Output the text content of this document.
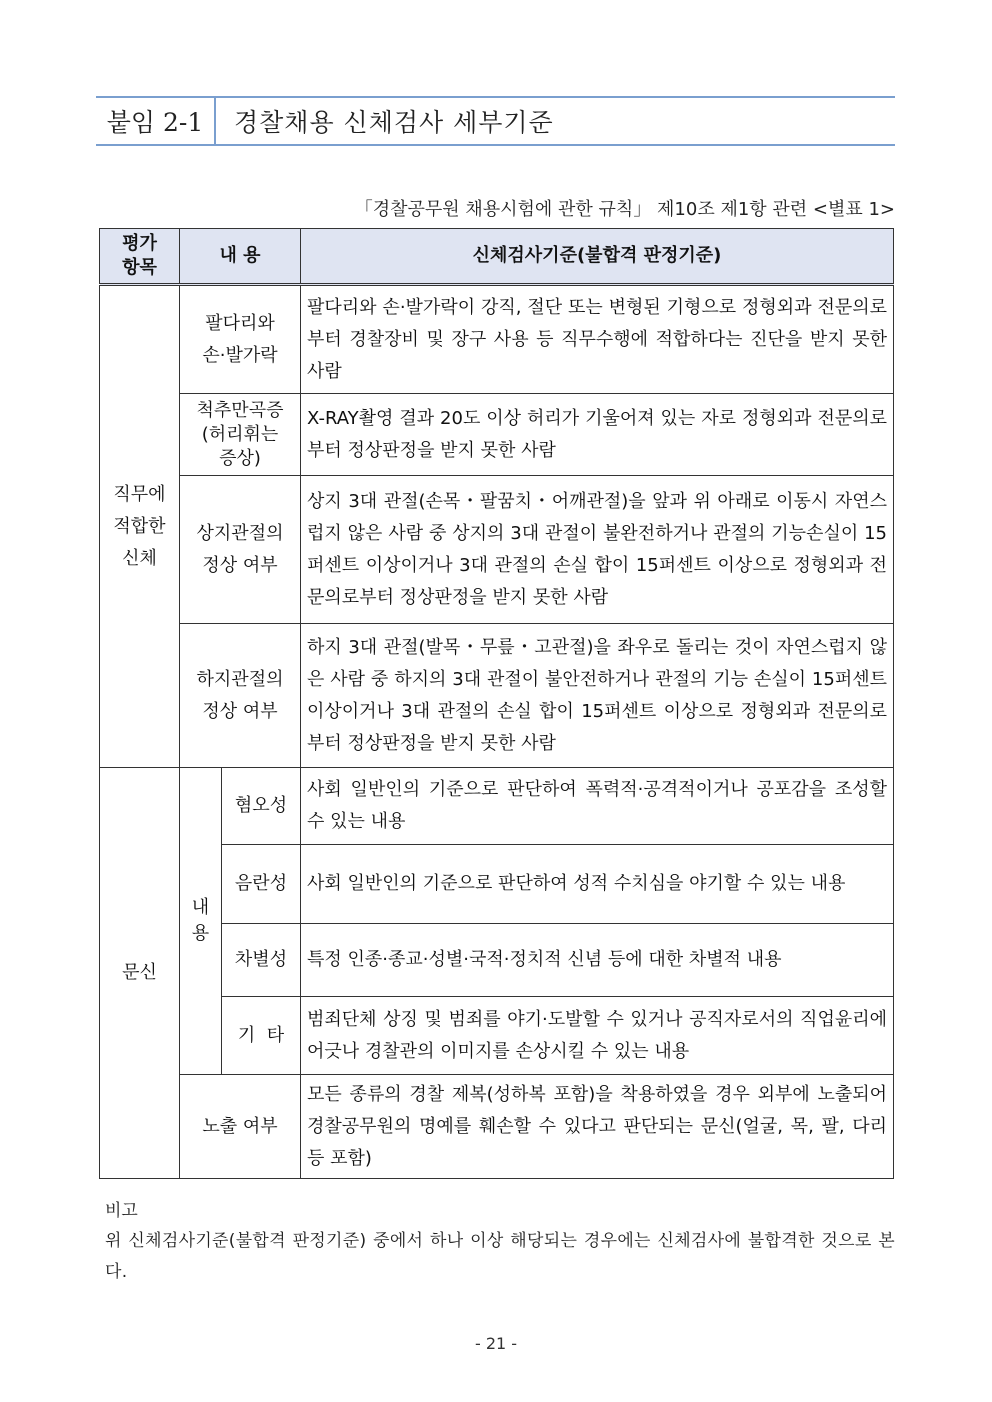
붙임 2-1	경찰채용 신체검사 세부기준
「경찰공무원 채용시험에 관한 규칙」 제10조 제1항 관련 <별표 1>
평가
항목	내 용		신체검사기준(불합격 판정기준)
직무에
적합한
신체	팔다리와
손·발가락		팔다리와 손·발가락이 강직, 절단 또는 변형된 기형으로 정형외과 전문의로부터 경찰장비 및 장구 사용 등 직무수행에 적합하다는 진단을 받지 못한 사람
	척추만곡증
(허리휘는
증상)		X-RAY촬영 결과 20도 이상 허리가 기울어져 있는 자로 정형외과 전문의로부터 정상판정을 받지 못한 사람
	상지관절의
정상 여부		상지 3대 관절(손목・팔꿈치・어깨관절)을 앞과 위 아래로 이동시 자연스럽지 않은 사람 중 상지의 3대 관절이 불완전하거나 관절의 기능손실이 15퍼센트 이상이거나 3대 관절의 손실 합이 15퍼센트 이상으로 정형외과 전문의로부터 정상판정을 받지 못한 사람
	하지관절의
정상 여부		하지 3대 관절(발목・무릎・고관절)을 좌우로 돌리는 것이 자연스럽지 않은 사람 중 하지의 3대 관절이 불안전하거나 관절의 기능 손실이 15퍼센트 이상이거나 3대 관절의 손실 합이 15퍼센트 이상으로 정형외과 전문의로부터 정상판정을 받지 못한 사람
문신	내
용	혐오성	사회 일반인의 기준으로 판단하여 폭력적·공격적이거나 공포감을 조성할 수 있는 내용
		음란성	사회 일반인의 기준으로 판단하여 성적 수치심을 야기할 수 있는 내용
		차별성	특정 인종·종교·성별·국적·정치적 신념 등에 대한 차별적 내용
		기  타	범죄단체 상징 및 범죄를 야기·도발할 수 있거나 공직자로서의 직업윤리에 어긋나 경찰관의 이미지를 손상시킬 수 있는 내용
	노출 여부		모든 종류의 경찰 제복(성하복 포함)을 착용하였을 경우 외부에 노출되어 경찰공무원의 명예를 훼손할 수 있다고 판단되는 문신(얼굴, 목, 팔, 다리 등 포함)
비고
위 신체검사기준(불합격 판정기준) 중에서 하나 이상 해당되는 경우에는 신체검사에 불합격한 것으로 본다.
- 21 -
